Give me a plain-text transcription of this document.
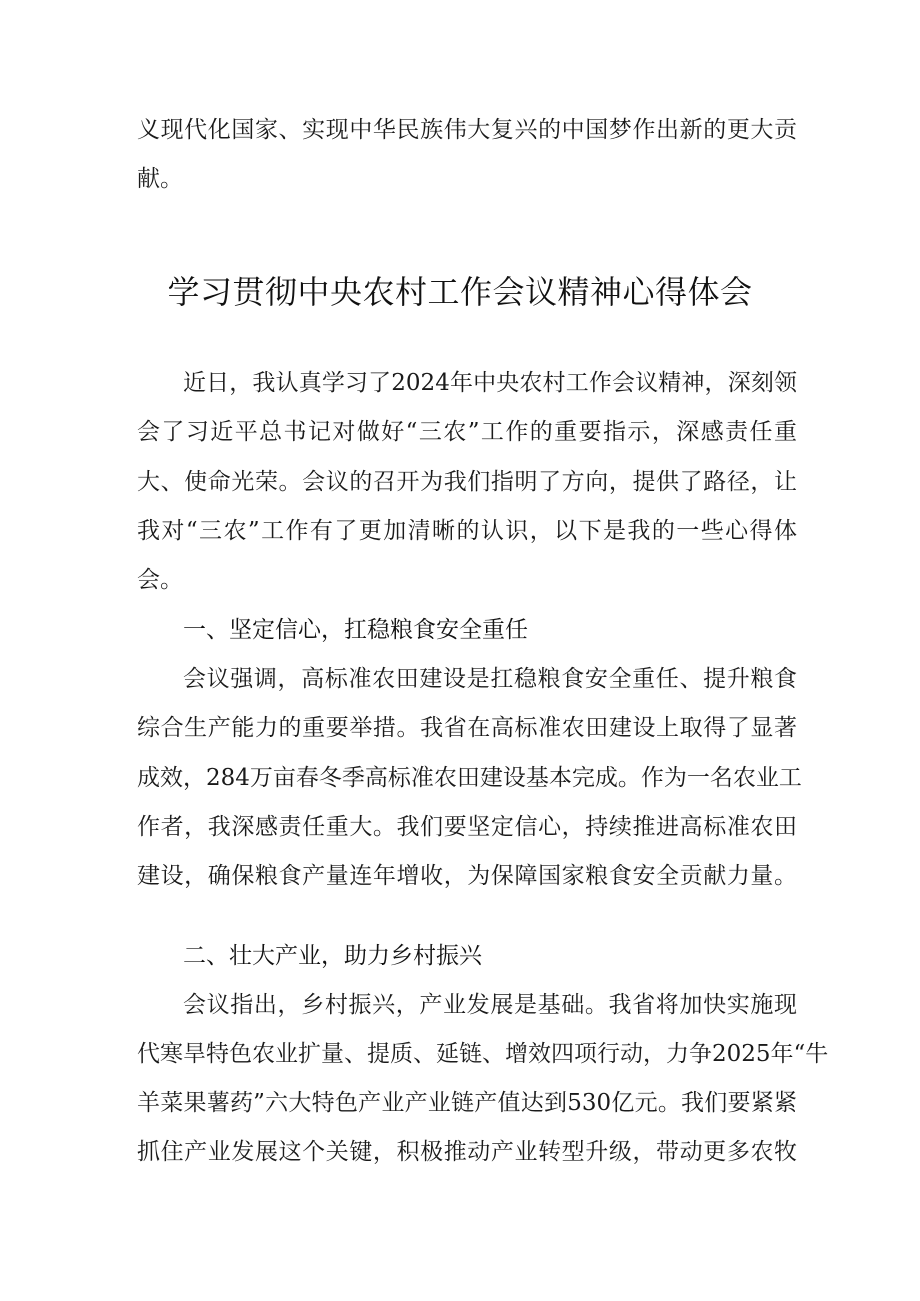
义现代化国家、实现中华民族伟大复兴的中国梦作出新的更大贡
献。
学习贯彻中央农村工作会议精神心得体会
近日，我认真学习了2024年中央农村工作会议精神，深刻领
会了习近平总书记对做好“三农”工作的重要指示，深感责任重
大、使命光荣。会议的召开为我们指明了方向，提供了路径，让
我对“三农”工作有了更加清晰的认识，以下是我的一些心得体
会。
一、坚定信心，扛稳粮食安全重任
会议强调，高标准农田建设是扛稳粮食安全重任、提升粮食
综合生产能力的重要举措。我省在高标准农田建设上取得了显著
成效，284万亩春冬季高标准农田建设基本完成。作为一名农业工
作者，我深感责任重大。我们要坚定信心，持续推进高标准农田
建设，确保粮食产量连年增收，为保障国家粮食安全贡献力量。
二、壮大产业，助力乡村振兴
会议指出，乡村振兴，产业发展是基础。我省将加快实施现
代寒旱特色农业扩量、提质、延链、增效四项行动，力争2025年“牛
羊菜果薯药”六大特色产业产业链产值达到530亿元。我们要紧紧
抓住产业发展这个关键，积极推动产业转型升级，带动更多农牧
